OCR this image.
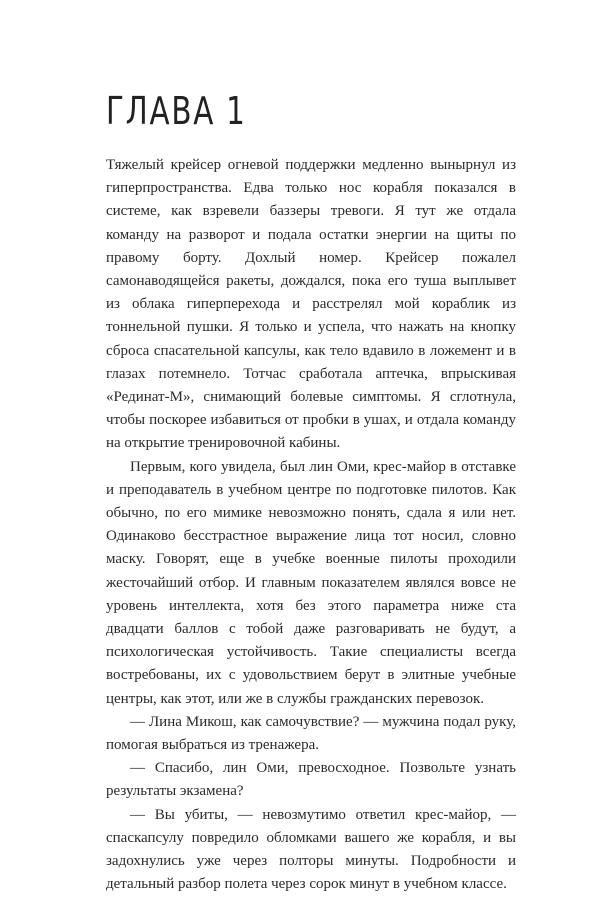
ГЛАВА 1

Тяжелый крейсер огневой поддержки медленно вынырнул из гиперпространства. Едва только нос корабля показался в системе, как взревели баззеры тревоги. Я тут же отдала команду на разворот и подала остатки энергии на щиты по правому борту. Дохлый номер. Крейсер пожалел самонаводящейся ракеты, дождался, пока его туша выплывет из облака гиперперехода и расстрелял мой кораблик из тоннельной пушки. Я только и успела, что нажать на кнопку сброса спасательной капсулы, как тело вдавило в ложемент и в глазах потемнело. Тотчас сработала аптечка, впрыскивая «Рединат-М», снимающий болевые симптомы. Я сглотнула, чтобы поскорее избавиться от пробки в ушах, и отдала команду на открытие тренировочной кабины.

Первым, кого увидела, был лин Оми, крес-майор в отставке и преподаватель в учебном центре по подготовке пилотов. Как обычно, по его мимике невозможно понять, сдала я или нет. Одинаково бесстрастное выражение лица тот носил, словно маску. Говорят, еще в учебке военные пилоты проходили жесточайший отбор. И главным показателем являлся вовсе не уровень интеллекта, хотя без этого параметра ниже ста двадцати баллов с тобой даже разговаривать не будут, а психологическая устойчивость. Такие специалисты всегда востребованы, их с удовольствием берут в элитные учебные центры, как этот, или же в службы гражданских перевозок.

— Лина Микош, как самочувствие? — мужчина подал руку, помогая выбраться из тренажера.

— Спасибо, лин Оми, превосходное. Позвольте узнать результаты экзамена?

— Вы убиты, — невозмутимо ответил крес-майор, — спаскапсулу повредило обломками вашего же корабля, и вы задохнулись уже через полторы минуты. Подробности и детальный разбор полета через сорок минут в учебном классе.
